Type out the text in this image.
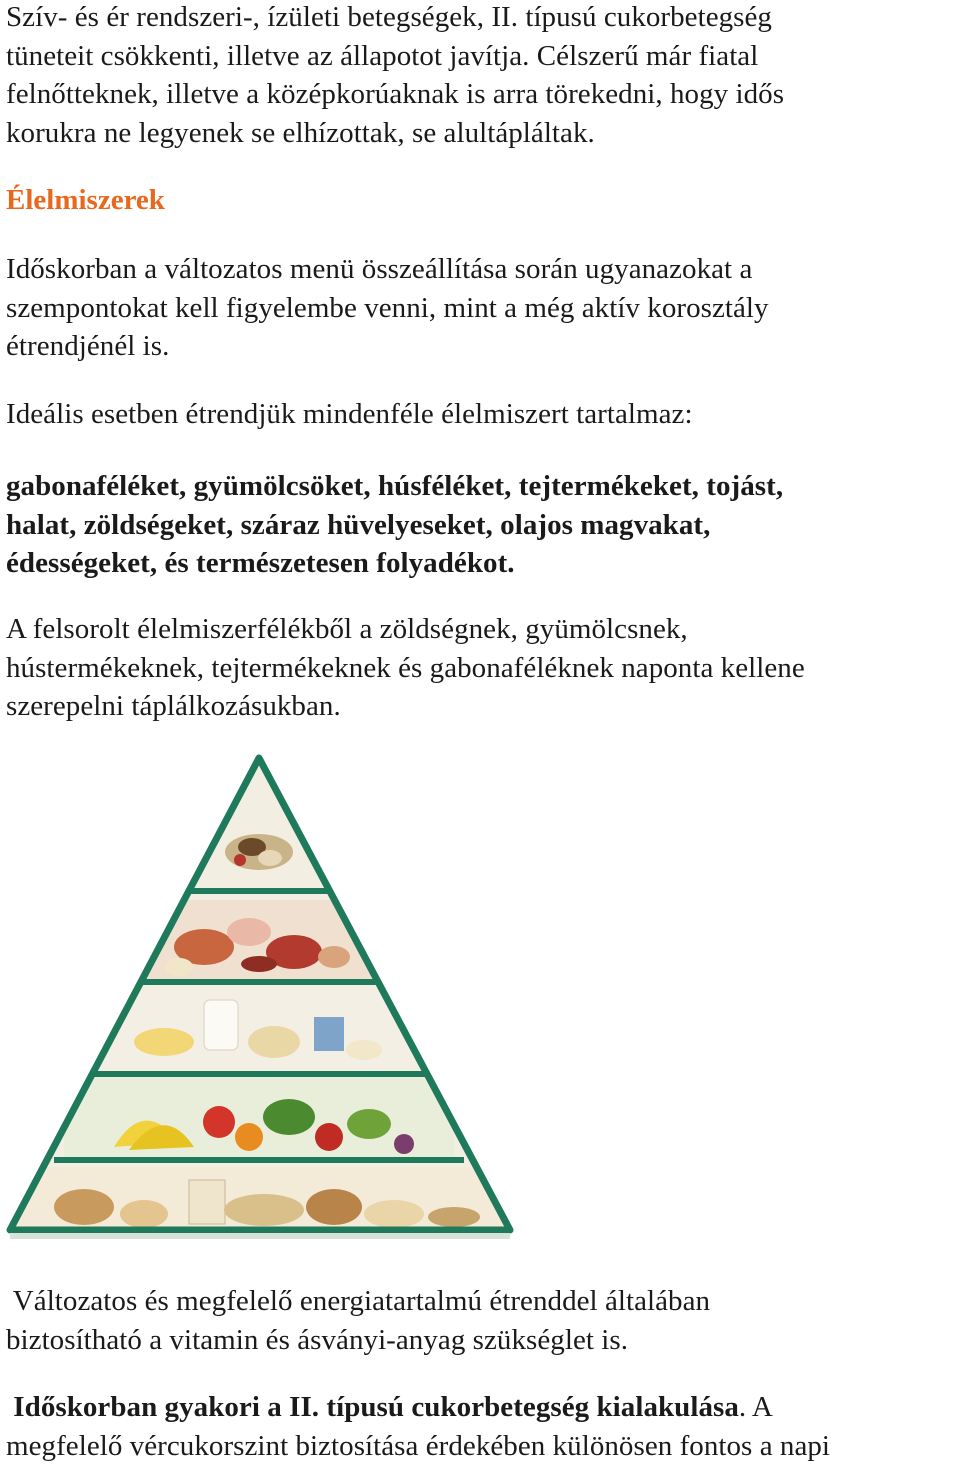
Szív- és ér rendszeri-, ízületi betegségek, II. típusú cukorbetegség

tüneteit csökkenti, illetve az állapotot javítja. Célszerű már fiatal

felnőtteknek, illetve a középkorúaknak is arra törekedni, hogy idős

korukra ne legyenek se elhízottak, se alultápláltak.

Élelmiszerek

Időskorban a változatos menü összeállítása során ugyanazokat a

szempontokat kell figyelembe venni, mint a még aktív korosztály

étrendjénél is.

Ideális esetben étrendjük mindenféle élelmiszert tartalmaz:

gabonaféléket, gyümölcsöket, húsféléket, tejtermékeket, tojást,

halat, zöldségeket, száraz hüvelyeseket, olajos magvakat,

édességeket, és természetesen folyadékot.

A felsorolt élelmiszerfélékből a zöldségnek, gyümölcsnek,

hústermékeknek, tejtermékeknek és gabonaféléknek naponta kellene

szerepelni táplálkozásukban.

Változatos és megfelelő energiatartalmú étrenddel általában

biztosítható a vitamin és ásványi-anyag szükséglet is.

Időskorban gyakori a II. típusú cukorbetegség kialakulása. A

megfelelő vércukorszint biztosítása érdekében különösen fontos a napi
